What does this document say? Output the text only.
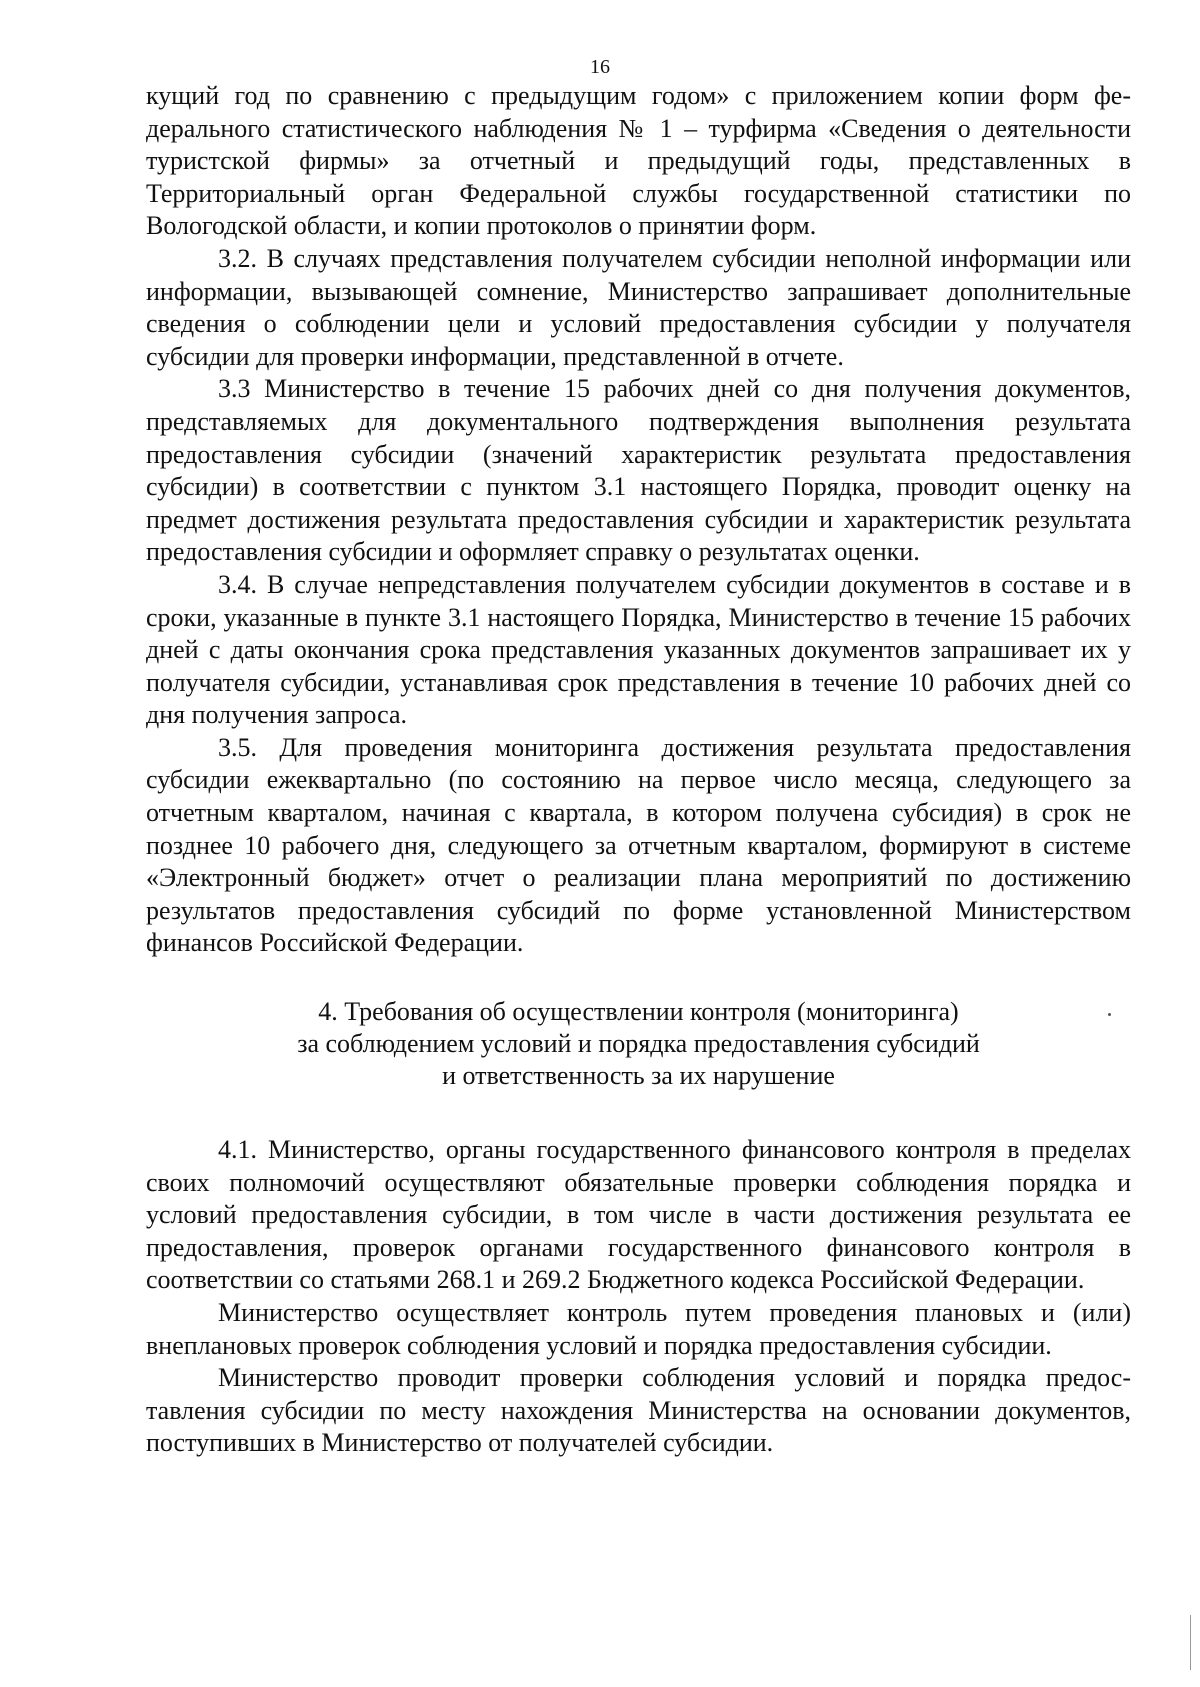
16

кущий год по сравнению с предыдущим годом» с приложением копии форм федерального статистического наблюдения № 1 – турфирма «Сведения о деятельности туристской фирмы» за отчетный и предыдущий годы, представленных в Территориальный орган Федеральной службы государственной статистики по Вологодской области, и копии протоколов о принятии форм.

3.2. В случаях представления получателем субсидии неполной информации или информации, вызывающей сомнение, Министерство запрашивает дополнительные сведения о соблюдении цели и условий предоставления субсидии у получателя субсидии для проверки информации, представленной в отчете.

3.3 Министерство в течение 15 рабочих дней со дня получения документов, представляемых для документального подтверждения выполнения результата предоставления субсидии (значений характеристик результата предоставления субсидии) в соответствии с пунктом 3.1 настоящего Порядка, проводит оценку на предмет достижения результата предоставления субсидии и характеристик результата предоставления субсидии и оформляет справку о результатах оценки.

3.4. В случае непредставления получателем субсидии документов в составе и в сроки, указанные в пункте 3.1 настоящего Порядка, Министерство в течение 15 рабочих дней с даты окончания срока представления указанных документов запрашивает их у получателя субсидии, устанавливая срок представления в течение 10 рабочих дней со дня получения запроса.

3.5. Для проведения мониторинга достижения результата предоставления субсидии ежеквартально (по состоянию на первое число месяца, следующего за отчетным кварталом, начиная с квартала, в котором получена субсидия) в срок не позднее 10 рабочего дня, следующего за отчетным кварталом, формируют в системе «Электронный бюджет» отчет о реализации плана мероприятий по достижению результатов предоставления субсидий по форме установленной Министерством финансов Российской Федерации.

4. Требования об осуществлении контроля (мониторинга)
за соблюдением условий и порядка предоставления субсидий
и ответственность за их нарушение

4.1. Министерство, органы государственного финансового контроля в пределах своих полномочий осуществляют обязательные проверки соблюдения порядка и условий предоставления субсидии, в том числе в части достижения результата ее предоставления, проверок органами государственного финансового контроля в соответствии со статьями 268.1 и 269.2 Бюджетного кодекса Российской Федерации.

Министерство осуществляет контроль путем проведения плановых и (или) внеплановых проверок соблюдения условий и порядка предоставления субсидии.

Министерство проводит проверки соблюдения условий и порядка предоставления субсидии по месту нахождения Министерства на основании документов, поступивших в Министерство от получателей субсидии.
